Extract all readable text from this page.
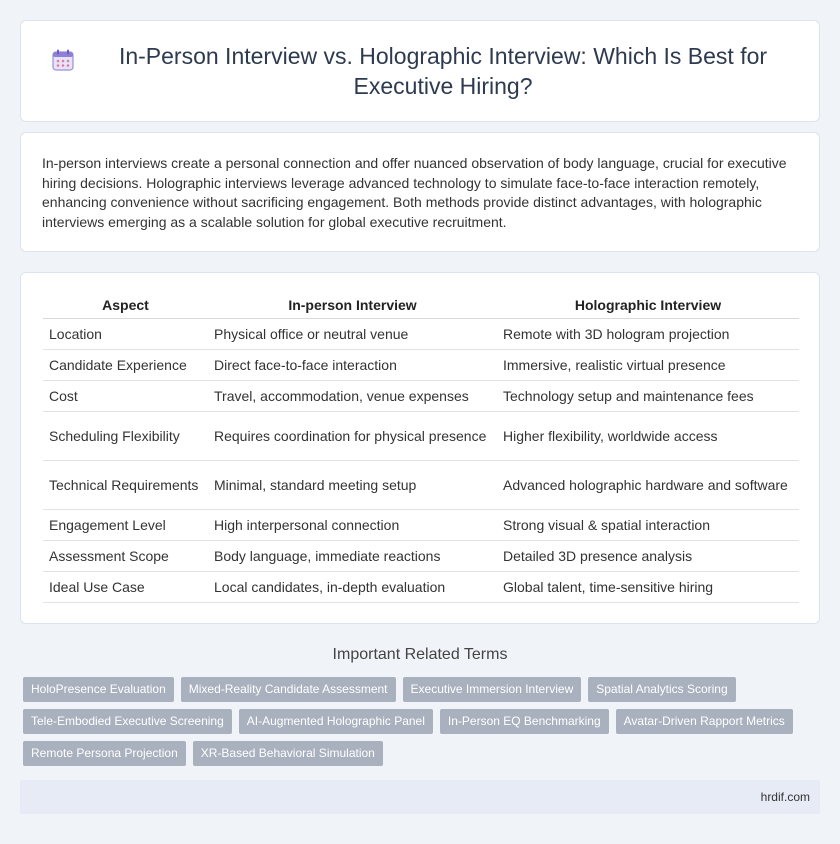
In-Person Interview vs. Holographic Interview: Which Is Best for Executive Hiring?

In-person interviews create a personal connection and offer nuanced observation of body language, crucial for executive hiring decisions. Holographic interviews leverage advanced technology to simulate face-to-face interaction remotely, enhancing convenience without sacrificing engagement. Both methods provide distinct advantages, with holographic interviews emerging as a scalable solution for global executive recruitment.

Aspect	In-person Interview	Holographic Interview
Location	Physical office or neutral venue	Remote with 3D hologram projection
Candidate Experience	Direct face-to-face interaction	Immersive, realistic virtual presence
Cost	Travel, accommodation, venue expenses	Technology setup and maintenance fees
Scheduling Flexibility	Requires coordination for physical presence	Higher flexibility, worldwide access
Technical Requirements	Minimal, standard meeting setup	Advanced holographic hardware and software
Engagement Level	High interpersonal connection	Strong visual & spatial interaction
Assessment Scope	Body language, immediate reactions	Detailed 3D presence analysis
Ideal Use Case	Local candidates, in-depth evaluation	Global talent, time-sensitive hiring
Important Related Terms
HoloPresence Evaluation	Mixed-Reality Candidate Assessment	Executive Immersion Interview	Spatial Analytics Scoring
Tele-Embodied Executive Screening	AI-Augmented Holographic Panel	In-Person EQ Benchmarking	Avatar-Driven Rapport Metrics
Remote Persona Projection	XR-Based Behavioral Simulation
hrdif.com
